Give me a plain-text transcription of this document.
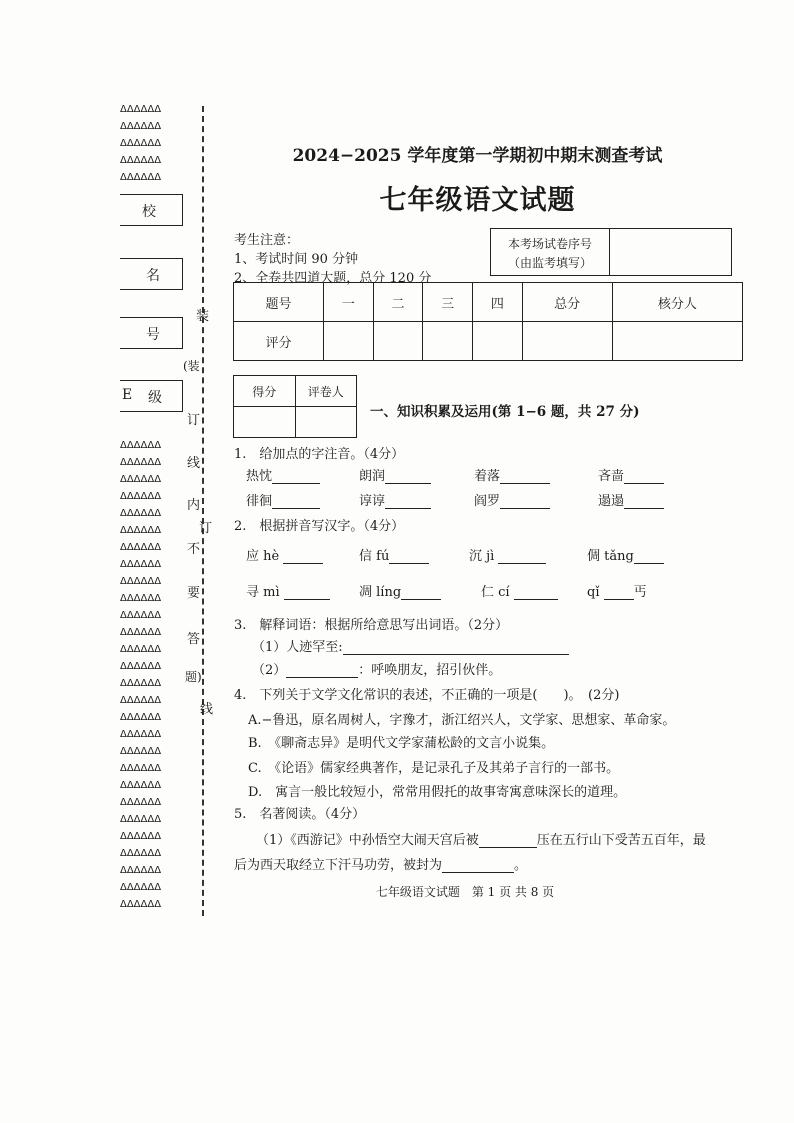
ΔΔΔΔΔΔ
ΔΔΔΔΔΔ
ΔΔΔΔΔΔ
ΔΔΔΔΔΔ
ΔΔΔΔΔΔ
校
名
号
E 级
ΔΔΔΔΔΔ
ΔΔΔΔΔΔ
ΔΔΔΔΔΔ
ΔΔΔΔΔΔ
ΔΔΔΔΔΔ
ΔΔΔΔΔΔ
ΔΔΔΔΔΔ
ΔΔΔΔΔΔ
ΔΔΔΔΔΔ
ΔΔΔΔΔΔ
ΔΔΔΔΔΔ
ΔΔΔΔΔΔ
ΔΔΔΔΔΔ
ΔΔΔΔΔΔ
ΔΔΔΔΔΔ
ΔΔΔΔΔΔ
ΔΔΔΔΔΔ
ΔΔΔΔΔΔ
ΔΔΔΔΔΔ
ΔΔΔΔΔΔ
ΔΔΔΔΔΔ
ΔΔΔΔΔΔ
ΔΔΔΔΔΔ
ΔΔΔΔΔΔ
ΔΔΔΔΔΔ
ΔΔΔΔΔΔ
ΔΔΔΔΔΔ
ΔΔΔΔΔΔ
装
(装
订
线
内
订
不
要
答
题)
线
2024−2025 学年度第一学期初中期末测查考试
七年级语文试题
考生注意：
1、考试时间 90 分钟
2、全卷共四道大题，总分 120 分
本考场试卷序号
（由监考填写）
题号	一	二	三	四	总分	核分人
评分						
得分	评卷人

一、知识积累及运用(第 1−6 题，共 27 分)
1.　给加点的字注音。（4分）
热忱	朗润	着落	吝啬
徘徊	谆谆	阎罗	遢遢
2.　根据拼音写汉字。（4分）
应 hè	信 fú	沉 jì	倜 tǎng
寻 mì	凋 líng	仁 cí	qǐ	丐
3.　解释词语：根据所给意思写出词语。（2分）
（1）人迹罕至:
（2）	：呼唤朋友，招引伙伴。
4.　下列关于文学文化常识的表述，不正确的一项是(　　)。　(2分)
A.−鲁迅，原名周树人，字豫才，浙江绍兴人，文学家、思想家、革命家。
B.　《聊斋志异》是明代文学家蒲松龄的文言小说集。
C.　《论语》儒家经典著作，是记录孔子及其弟子言行的一部书。
D.　寓言一般比较短小，常常用假托的故事寄寓意味深长的道理。
5.　名著阅读。（4分）
（1）《西游记》中孙悟空大闹天宫后被	压在五行山下受苦五百年，最
后为西天取经立下汗马功劳，被封为	。
七年级语文试题　第 1 页 共 8 页
